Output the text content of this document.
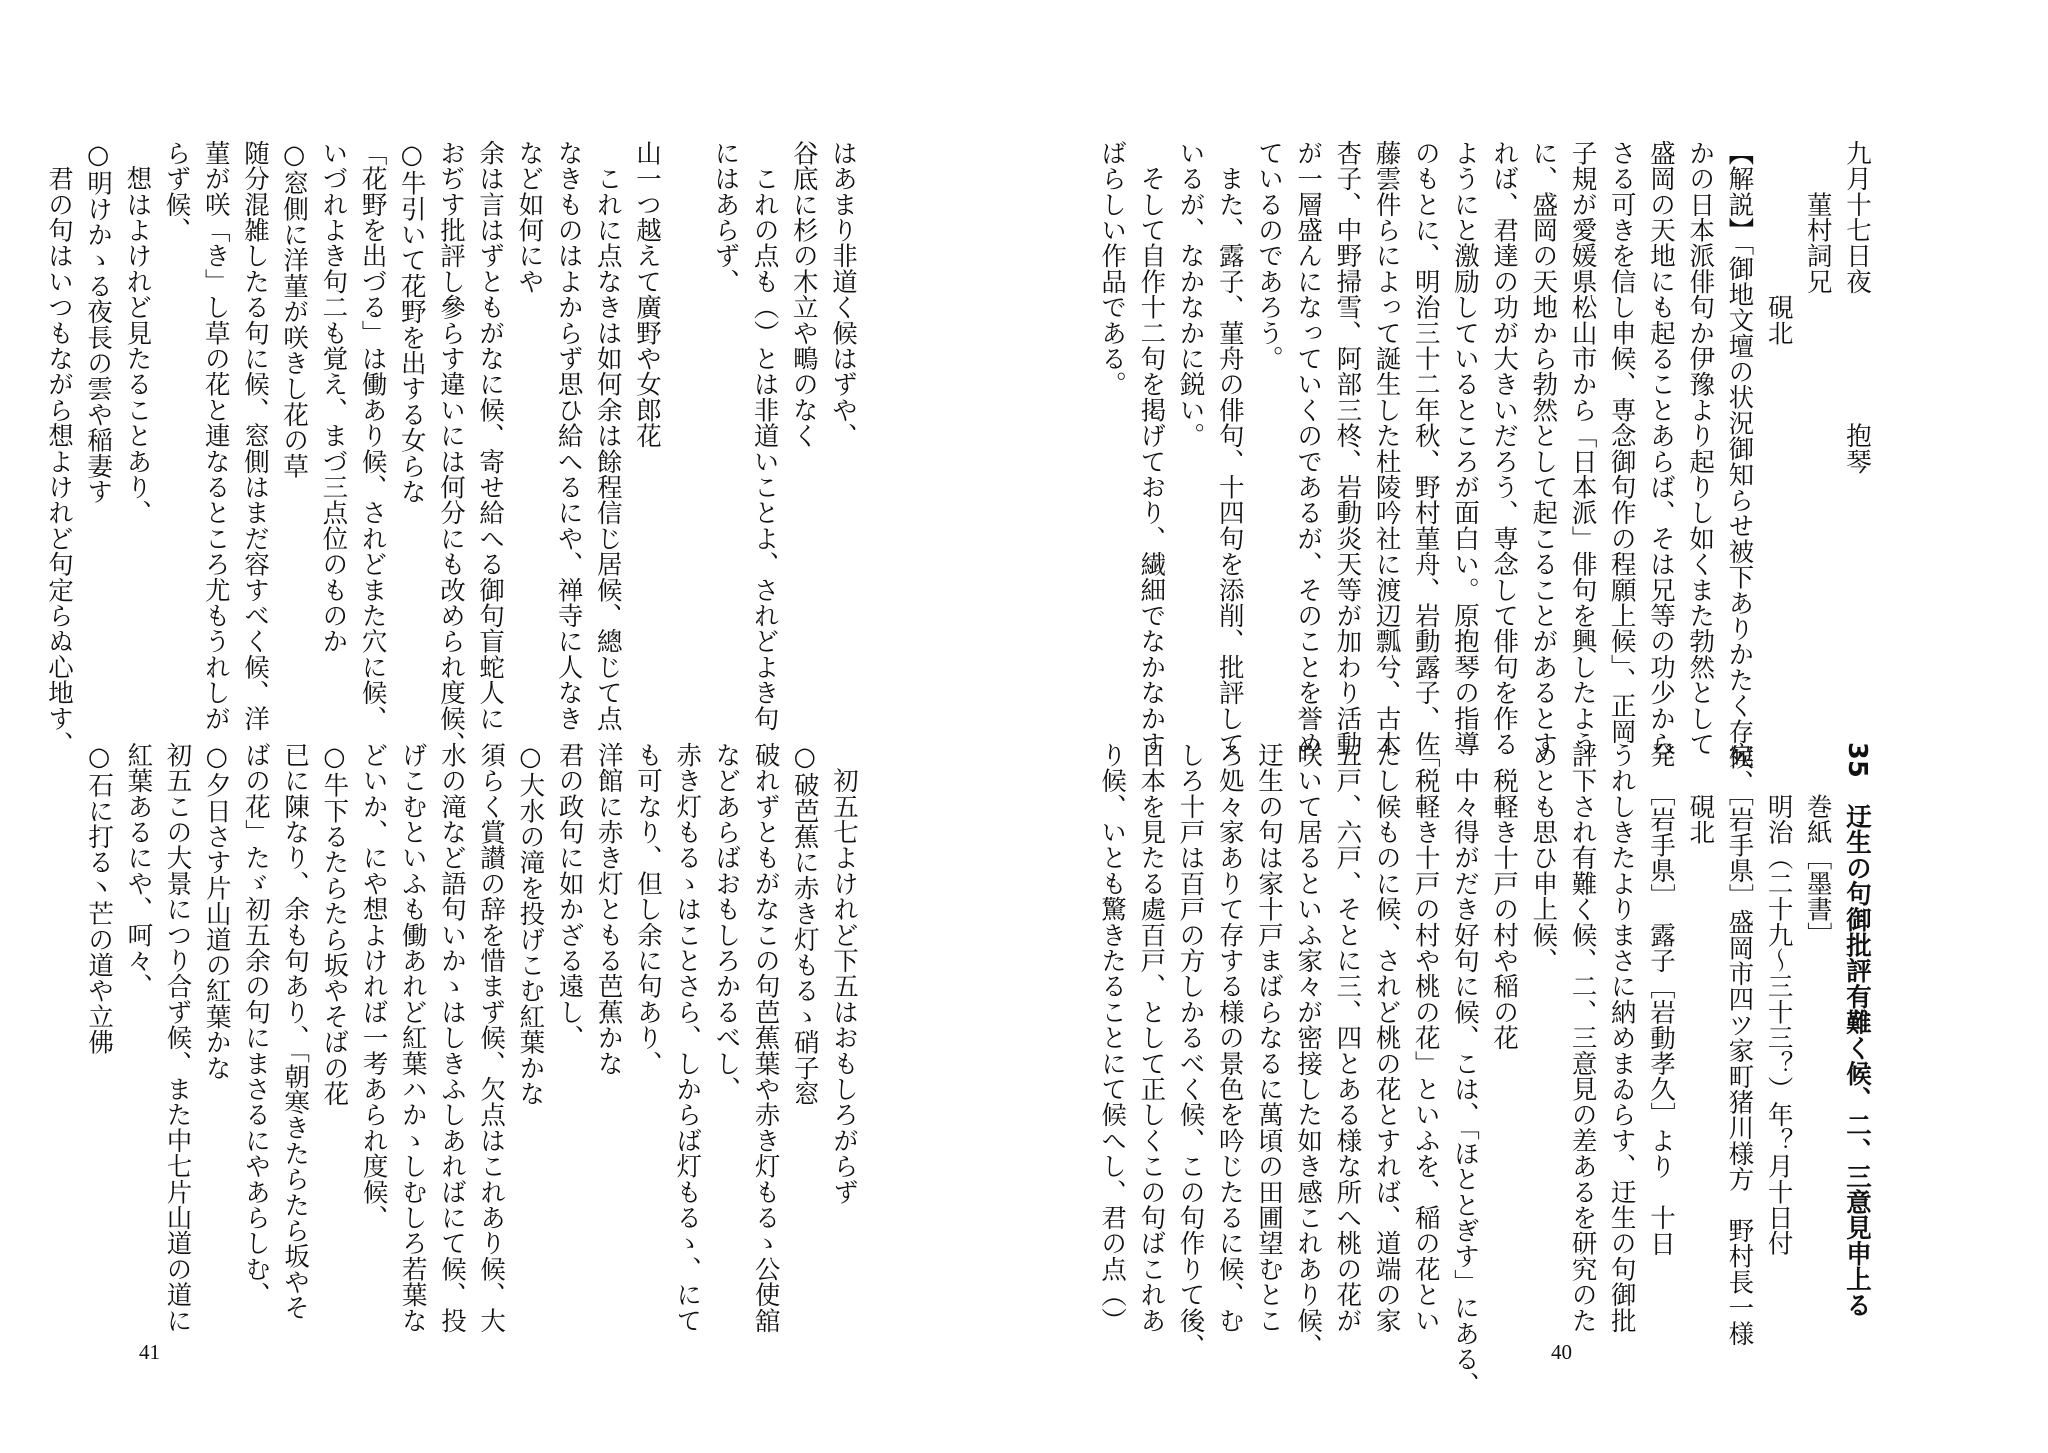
九月十七日夜　　　　　抱琴
　　菫村詞兄
　　　　　　硯北
【解説】「御地文壇の状況御知らせ被下ありかたく存候、
かの日本派俳句か伊豫より起りし如くまた勃然として
盛岡の天地にも起ることあらば、そは兄等の功少から
さる可きを信し申候、専念御句作の程願上候」、正岡
子規が愛媛県松山市から「日本派」俳句を興したよう
に、盛岡の天地から勃然として起こることがあるとす
れば、君達の功が大きいだろう、専念して俳句を作る
ようにと激励しているところが面白い。原抱琴の指導
のもとに、明治三十二年秋、野村菫舟、岩動露子、佐
藤雲件らによって誕生した杜陵吟社に渡辺瓢兮、古木
杏子、中野掃雪、阿部三柊、岩動炎天等が加わり活動
が一層盛んになっていくのであるが、そのことを誉め
ているのであろう。
　また、露子、菫舟の俳句、十四句を添削、批評して
いるが、なかなかに鋭い。
　そして自作十二句を掲げており、繊細でなかなかす
ばらしい作品である。
35　迂生の句御批評有難く候、二、三意見申上る
　　巻紙［墨書］
　　明治（二十九～三十三？）年？月十日付
宛　［岩手県］盛岡市四ツ家町猪川様方　野村長一様
　　硯北
発　［岩手県］　露子［岩動孝久］より　十日
うれしきたよりまさに納めまゐらす、迂生の句御批
評下され有難く候、二、三意見の差あるを研究のた
めとも思ひ申上候、
　税軽き十戸の村や稲の花
　中々得がだき好句に候、こは、「ほととぎす」にある、
「税軽き十戸の村や桃の花」といふを、稲の花とい
たし候ものに候、されど桃の花とすれば、道端の家
五戸、六戸、そとに三、四とある様な所へ桃の花が
咲いて居るといふ家々が密接した如き感これあり候、
迂生の句は家十戸まばらなるに萬頃の田圃望むとこ
ろ処々家ありて存する様の景色を吟じたるに候、む
しろ十戸は百戸の方しかるべく候、この句作りて後、
日本を見たる處百戸、として正しくこの句ばこれあ
り候、いとも驚きたることにて候へし、君の点（）
40
はあまり非道く候はずや、
谷底に杉の木立や鴫のなく
　これの点も（）とは非道いことよ、されどよき句
にはあらず、

山一つ越えて廣野や女郎花
　これに点なきは如何余は餘程信じ居候、總じて点
なきものはよからず思ひ給へるにや、禅寺に人なき
など如何にや
余は言はずともがなに候、寄せ給へる御句盲蛇人に
おぢす批評し參らす違いには何分にも改められ度候、
○牛引いて花野を出する女らな
「花野を出づる」は働あり候、されどまた穴に候、
いづれよき句二も覚え、まづ三点位のものか
○窓側に洋菫が咲きし花の草
随分混雑したる句に候、窓側はまだ容すべく候、洋
菫が咲「き」し草の花と連なるところ尤もうれしが
らず候、
　想はよけれど見たることあり、
○明けかゝる夜長の雲や稲妻す
　君の句はいつもながら想よけれど句定らぬ心地す、
　初五七よけれど下五はおもしろがらず
○破芭蕉に赤き灯もるゝ硝子窓
破れずともがなこの句芭蕉葉や赤き灯もるゝ公使舘
などあらばおもしろかるべし、
赤き灯もるゝはことさら、しからば灯もるゝ、にて
も可なり、但し余に句あり、
洋館に赤き灯ともる芭蕉かな
君の政句に如かざる遠し、
○大水の滝を投げこむ紅葉かな
須らく賞讃の辞を惜まず候、欠点はこれあり候、大
水の滝など語句いかゝはしきふしあればにて候、投
げこむといふも働あれど紅葉ハかゝしむしろ若葉な
どいか、にや想よければ一考あられ度候、
○牛下るたらたら坂やそばの花
已に陳なり、余も句あり、「朝寒きたらたら坂やそ
ばの花」たゞ初五余の句にまさるにやあらしむ、
○夕日さす片山道の紅葉かな
初五この大景につり合ず候、また中七片山道の道に
紅葉あるにや、呵々、
○石に打る丶芒の道や立佛
41
